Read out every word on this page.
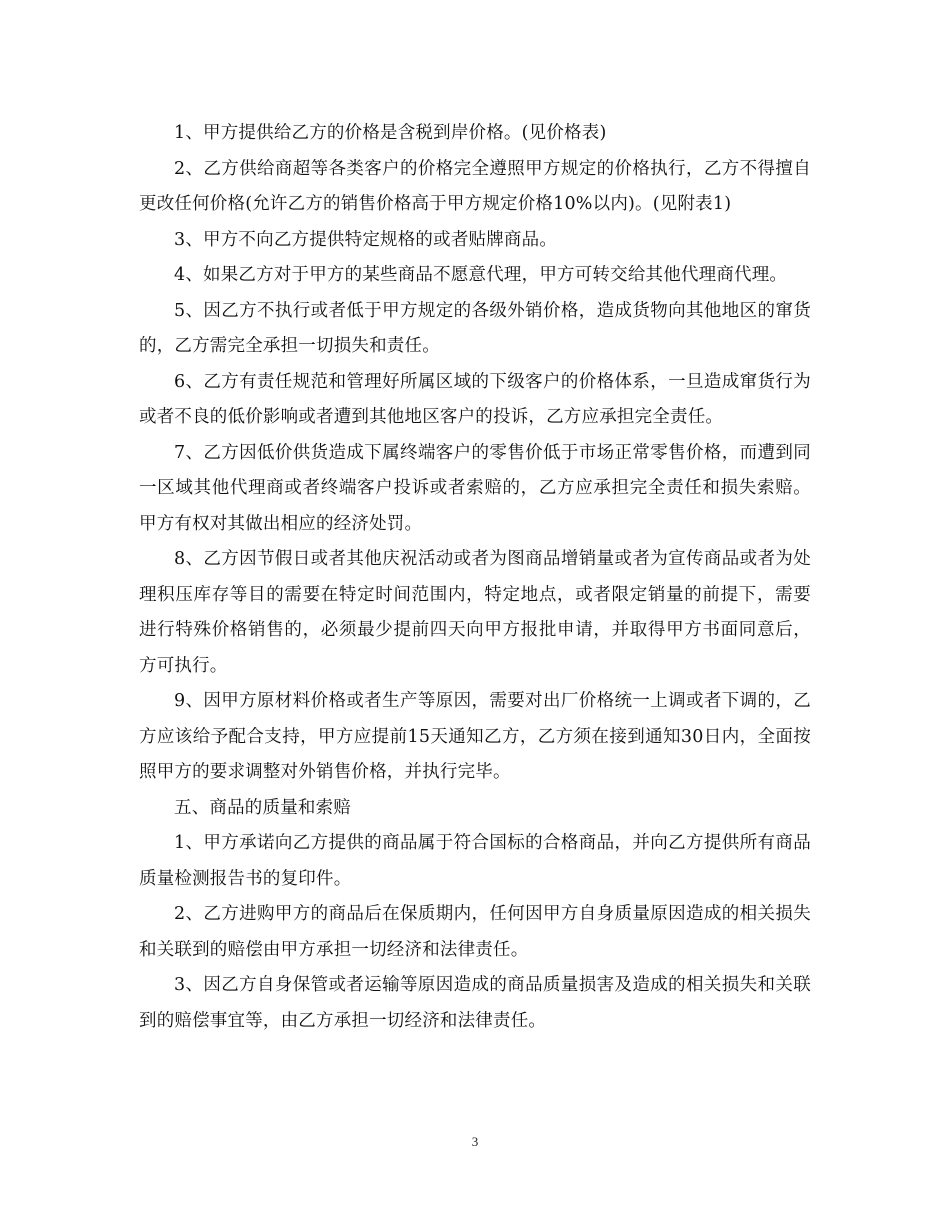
1、甲方提供给乙方的价格是含税到岸价格。(见价格表)

2、乙方供给商超等各类客户的价格完全遵照甲方规定的价格执行，乙方不得擅自更改任何价格(允许乙方的销售价格高于甲方规定价格10%以内)。(见附表1)

3、甲方不向乙方提供特定规格的或者贴牌商品。

4、如果乙方对于甲方的某些商品不愿意代理，甲方可转交给其他代理商代理。

5、因乙方不执行或者低于甲方规定的各级外销价格，造成货物向其他地区的窜货的，乙方需完全承担一切损失和责任。

6、乙方有责任规范和管理好所属区域的下级客户的价格体系，一旦造成窜货行为或者不良的低价影响或者遭到其他地区客户的投诉，乙方应承担完全责任。

7、乙方因低价供货造成下属终端客户的零售价低于市场正常零售价格，而遭到同一区域其他代理商或者终端客户投诉或者索赔的，乙方应承担完全责任和损失索赔。甲方有权对其做出相应的经济处罚。

8、乙方因节假日或者其他庆祝活动或者为图商品增销量或者为宣传商品或者为处理积压库存等目的需要在特定时间范围内，特定地点，或者限定销量的前提下，需要进行特殊价格销售的，必须最少提前四天向甲方报批申请，并取得甲方书面同意后，方可执行。

9、因甲方原材料价格或者生产等原因，需要对出厂价格统一上调或者下调的，乙方应该给予配合支持，甲方应提前15天通知乙方，乙方须在接到通知30日内，全面按照甲方的要求调整对外销售价格，并执行完毕。

五、商品的质量和索赔

1、甲方承诺向乙方提供的商品属于符合国标的合格商品，并向乙方提供所有商品质量检测报告书的复印件。

2、乙方进购甲方的商品后在保质期内，任何因甲方自身质量原因造成的相关损失和关联到的赔偿由甲方承担一切经济和法律责任。

3、因乙方自身保管或者运输等原因造成的商品质量损害及造成的相关损失和关联到的赔偿事宜等，由乙方承担一切经济和法律责任。

3
